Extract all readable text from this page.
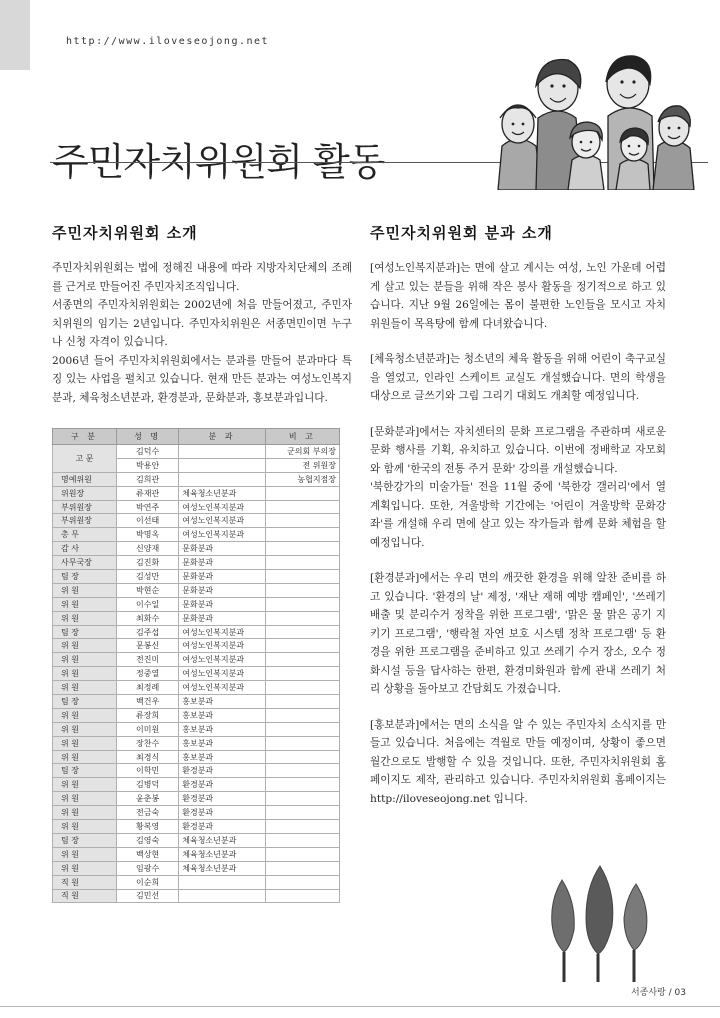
http://www.iloveseojong.net
주민자치위원회 활동
주민자치위원회 소개

주민자치위원회는 법에 정해진 내용에 따라 지방자치단체의 조례를 근거로 만들어진 주민자치조직입니다.

서종면의 주민자치위원회는 2002년에 처음 만들어졌고, 주민자치위원의 임기는 2년입니다. 주민자치위원은 서종면민이면 누구나 신청 자격이 있습니다.

2006년 들어 주민자치위원회에서는 분과를 만들어 분과마다 특징 있는 사업을 펼치고 있습니다. 현재 만든 분과는 여성노인복지분과, 체육청소년분과, 환경분과, 문화분과, 홍보분과입니다.

구 분	성 명	분 과	비 고
고 문	김덕수		군의회 부의장
	박용안		전 위원장
명예위원	김희관		농협지점장
위원장	류재관	체육청소년분과	
부위원장	박연주	여성노인복지분과	
부위원장	이선태	여성노인복지분과	
총 무	박명옥	여성노인복지분과	
감 사	신양재	문화분과	
사무국장	김진화	문화분과	
팀 장	김성만	문화분과	
위 원	박현순	문화분과	
위 원	이수일	문화분과	
위 원	최화수	문화분과	
팀 장	김주섭	여성노인복지분과	
위 원	문봉신	여성노인복지분과	
위 원	전진미	여성노인복지분과	
위 원	정중열	여성노인복지분과	
위 원	최정례	여성노인복지분과	
팀 장	백건우	홍보분과	
위 원	류장희	홍보분과	
위 원	이미원	홍보분과	
위 원	장찬수	홍보분과	
위 원	최경식	홍보분과	
팀 장	이학민	환경분과	
위 원	김병덕	환경분과	
위 원	윤춘봉	환경분과	
위 원	전금숙	환경분과	
위 원	황복영	환경분과	
팀 장	김영숙	체육청소년분과	
위 원	백상현	체육청소년분과	
위 원	임광수	체육청소년분과	
직 원	이순희		
직 원	김민선		
주민자치위원회 분과 소개

[여성노인복지분과]는 면에 살고 계시는 여성, 노인 가운데 어렵게 살고 있는 분들을 위해 작은 봉사 활동을 정기적으로 하고 있습니다. 지난 9월 26일에는 몸이 불편한 노인들을 모시고 자치위원들이 목욕탕에 함께 다녀왔습니다.

[체육청소년분과]는 청소년의 체육 활동을 위해 어린이 축구교실을 열었고, 인라인 스케이트 교실도 개설했습니다. 면의 학생을 대상으로 글쓰기와 그림 그리기 대회도 개최할 예정입니다.

[문화분과]에서는 자치센터의 문화 프로그램을 주관하며 새로운 문화 행사를 기획, 유치하고 있습니다. 이번에 정배학교 자모회와 함께 '한국의 전통 주거 문화' 강의를 개설했습니다.

'북한강가의 미술가들' 전을 11월 중에 '북한강 갤러리'에서 열 계획입니다. 또한, 겨울방학 기간에는 '어린이 겨울방학 문화강좌'를 개설해 우리 면에 살고 있는 작가들과 함께 문화 체험을 할 예정입니다.

[환경분과]에서는 우리 면의 깨끗한 환경을 위해 알찬 준비를 하고 있습니다. '환경의 날' 제정, '재난 재해 예방 캠페인', '쓰레기 배출 및 분리수거 정착을 위한 프로그램', '맑은 물 맑은 공기 지키기 프로그램', '행락철 자연 보호 시스템 정착 프로그램' 등 환경을 위한 프로그램을 준비하고 있고 쓰레기 수거 장소, 오수 정화시설 등을 답사하는 한편, 환경미화원과 함께 관내 쓰레기 처리 상황을 돌아보고 간담회도 가졌습니다.

[홍보분과]에서는 면의 소식을 알 수 있는 주민자치 소식지를 만들고 있습니다. 처음에는 격월로 만들 예정이며, 상황이 좋으면 월간으로도 발행할 수 있을 것입니다. 또한, 주민자치위원회 홈페이지도 제작, 관리하고 있습니다. 주민자치위원회 홈페이지는 http://iloveseojong.net 입니다.

서종사랑 / 03
